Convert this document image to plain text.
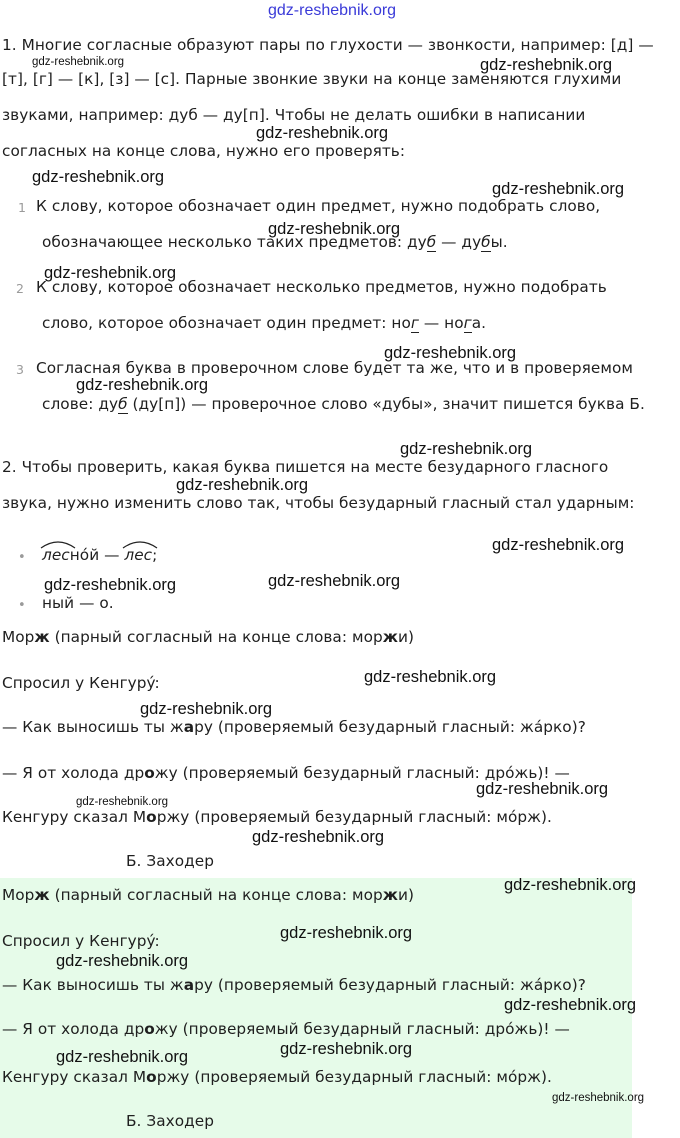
gdz-reshebnik.org
1. Многие согласные образуют пары по глухости — звонкости, например: [д] —
gdz-reshebnik.org	gdz-reshebnik.org
[т], [г] — [к], [з] — [с]. Парные звонкие звуки на конце заменяются глухими
звуками, например: дуб — ду[п]. Чтобы не делать ошибки в написании
gdz-reshebnik.org
согласных на конце слова, нужно его проверять:
gdz-reshebnik.org
gdz-reshebnik.org
1 К слову, которое обозначает один предмет, нужно подобрать слово,
gdz-reshebnik.org
обозначающее несколько таких предметов: дуб — дубы.
gdz-reshebnik.org
2 К слову, которое обозначает несколько предметов, нужно подобрать
слово, которое обозначает один предмет: ног — нога.
gdz-reshebnik.org
3 Согласная буква в проверочном слове будет та же, что и в проверяемом
gdz-reshebnik.org
слове: дуб (ду[п]) — проверочное слово «дубы», значит пишется буква Б.
gdz-reshebnik.org
2. Чтобы проверить, какая буква пишется на месте безударного гласного
gdz-reshebnik.org
звука, нужно изменить слово так, чтобы безударный гласный стал ударным:
• леснόй —
лес;
gdz-reshebnik.org
gdz-reshebnik.org
gdz-reshebnik.org
• ный — о.
Морж (парный согласный на конце слова: моржи)
Спросил у Кенгурý:	gdz-reshebnik.org
gdz-reshebnik.org
— Как выносишь ты жару (проверяемый безударный гласный: жáрко)?
— Я от холода дрожу (проверяемый безударный гласный: дрόжь)! —
gdz-reshebnik.org
gdz-reshebnik.org
Кенгуру сказал Моржу (проверяемый безударный гласный: мόрж).
gdz-reshebnik.org
Б. Заходер
Морж (парный согласный на конце слова: моржи)
gdz-reshebnik.org
gdz-reshebnik.org
Спросил у Кенгурý:
gdz-reshebnik.org
— Как выносишь ты жару (проверяемый безударный гласный: жáрко)?
gdz-reshebnik.org
— Я от холода дрожу (проверяемый безударный гласный: дрόжь)! —
gdz-reshebnik.org
gdz-reshebnik.org
Кенгуру сказал Моржу (проверяемый безударный гласный: мόрж).
gdz-reshebnik.org
Б. Заходер
